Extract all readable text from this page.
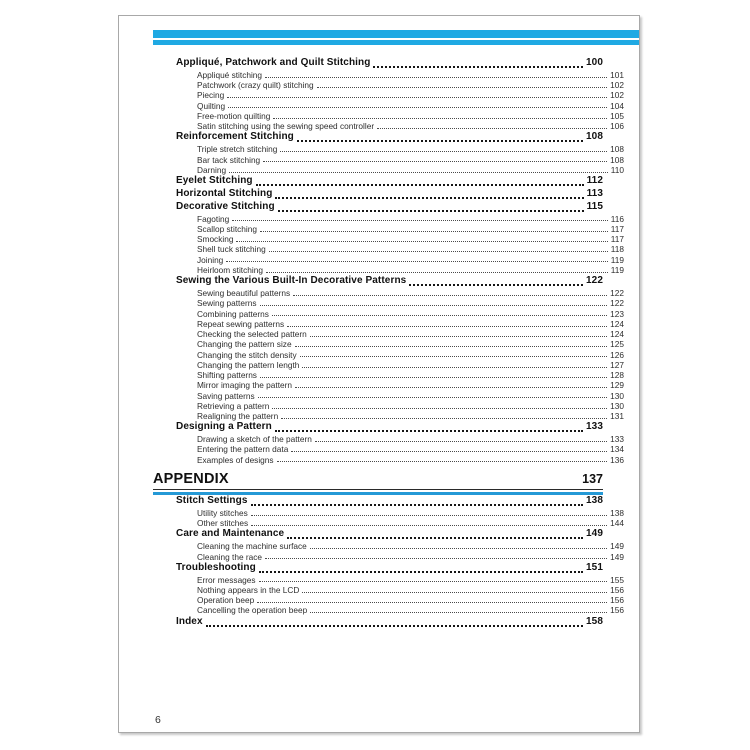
Appliqué, Patchwork and Quilt Stitching	100
Appliqué stitching	101
Patchwork (crazy quilt) stitching	102
Piecing	102
Quilting	104
Free-motion quilting	105
Satin stitching using the sewing speed controller	106
Reinforcement Stitching	108
Triple stretch stitching	108
Bar tack stitching	108
Darning	110
Eyelet Stitching	112
Horizontal Stitching	113
Decorative Stitching	115
Fagoting	116
Scallop stitching	117
Smocking	117
Shell tuck stitching	118
Joining	119
Heirloom stitching	119
Sewing the Various Built-In Decorative Patterns	122
Sewing beautiful patterns	122
Sewing patterns	122
Combining patterns	123
Repeat sewing patterns	124
Checking the selected pattern	124
Changing the pattern size	125
Changing the stitch density	126
Changing the pattern length	127
Shifting patterns	128
Mirror imaging the pattern	129
Saving patterns	130
Retrieving a pattern	130
Realigning the pattern	131
Designing a Pattern	133
Drawing a sketch of the pattern	133
Entering the pattern data	134
Examples of designs	136
APPENDIX	137
Stitch Settings	138
Utility stitches	138
Other stitches	144
Care and Maintenance	149
Cleaning the machine surface	149
Cleaning the race	149
Troubleshooting	151
Error messages	155
Nothing appears in the LCD	156
Operation beep	156
Cancelling the operation beep	156
Index	158
6
